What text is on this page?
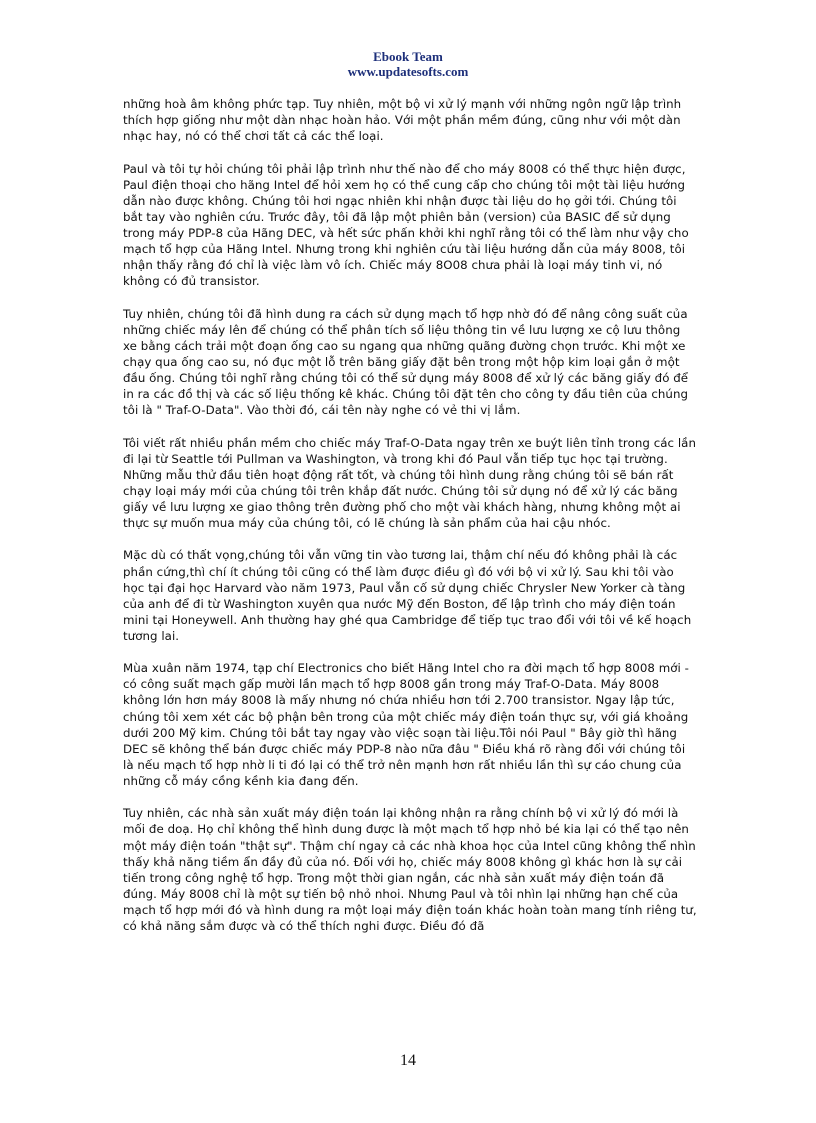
Ebook Team
www.updatesofts.com

những hoà âm không phức tạp. Tuy nhiên, một bộ vi xử lý mạnh với những ngôn ngữ lập trình thích hợp giống như một dàn nhạc hoàn hảo. Với một phần mềm đúng, cũng như với một dàn nhạc hay, nó có thể chơi tất cả các thể loại.

Paul và tôi tự hỏi chúng tôi phải lập trình như thế nào để cho máy 8008 có thể thực hiện được, Paul điện thoại cho hãng Intel để hỏi xem họ có thể cung cấp cho chúng tôi một tài liệu hướng dẫn nào được không. Chúng tôi hơi ngạc nhiên khi nhận được tài liệu do họ gởi tới. Chúng tôi bắt tay vào nghiên cứu. Trước đây, tôi đã lập một phiên bản (version) của BASIC để sử dụng trong máy PDP-8 của Hãng DEC, và hết sức phấn khởi khi nghĩ rằng tôi có thể làm như vậy cho mạch tổ hợp của Hãng Intel. Nhưng trong khi nghiên cứu tài liệu hướng dẫn của máy 8008, tôi nhận thấy rằng đó chỉ là việc làm vô ích. Chiếc máy 8O08 chưa phải là loại máy tinh vi, nó không có đủ transistor.

Tuy nhiên, chúng tôi đã hình dung ra cách sử dụng mạch tổ hợp nhờ đó để nâng công suất của những chiếc máy lên để chúng có thể phân tích số liệu thông tin về lưu lượng xe cộ lưu thông xe bằng cách trải một đoạn ống cao su ngang qua những quãng đường chọn trước. Khi một xe chạy qua ống cao su, nó đục một lỗ trên băng giấy đặt bên trong một hộp kim loại gắn ở một đầu ống. Chúng tôi nghĩ rằng chúng tôi có thể sử dụng máy 8008 để xử lý các băng giấy đó để in ra các đồ thị và các số liệu thống kê khác. Chúng tôi đặt tên cho công ty đầu tiên của chúng tôi là " Traf-O-Data". Vào thời đó, cái tên này nghe có vẻ thi vị lắm.

Tôi viết rất nhiều phần mềm cho chiếc máy Traf-O-Data ngay trên xe buýt liên tỉnh trong các lần đi lại từ Seattle tới Pullman va Washington, và trong khi đó Paul vẫn tiếp tục học tại trường. Những mẫu thử đầu tiên hoạt động rất tốt, và chúng tôi hình dung rằng chúng tôi sẽ bán rất chạy loại máy mới của chúng tôi trên khắp đất nước. Chúng tôi sử dụng nó để xử lý các băng giấy về lưu lượng xe giao thông trên đường phố cho một vài khách hàng, nhưng không một ai thực sự muốn mua máy của chúng tôi, có lẽ chúng là sản phẩm của hai cậu nhóc.

Mặc dù có thất vọng,chúng tôi vẫn vững tin vào tương lai, thậm chí nếu đó không phải là các phần cứng,thì chí ít chúng tôi cũng có thể làm được điều gì đó với bộ vi xử lý. Sau khi tôi vào học tại đại học Harvard vào năm 1973, Paul vẫn cố sử dụng chiếc Chrysler New Yorker cà tàng của anh để đi từ Washington xuyên qua nước Mỹ đến Boston, để lập trình cho máy điện toán mini tại Honeywell. Anh thường hay ghé qua Cambridge để tiếp tục trao đổi với tôi về kế hoạch tương lai.

Mùa xuân năm 1974, tạp chí Electronics cho biết Hãng Intel cho ra đời mạch tổ hợp 8008 mới - có công suất mạch gấp mười lần mạch tổ hợp 8008 gần trong máy Traf-O-Data. Máy 8008 không lớn hơn máy 8008 là mấy nhưng nó chứa nhiều hơn tới 2.700 transistor. Ngay lập tức, chúng tôi xem xét các bộ phận bên trong của một chiếc máy điện toán thực sự, với giá khoảng dưới 200 Mỹ kim. Chúng tôi bắt tay ngay vào việc soạn tài liệu.Tôi nói Paul " Bây giờ thì hãng DEC sẽ không thể bán được chiếc máy PDP-8 nào nữa đâu " Điều khá rõ ràng đối với chúng tôi là nếu mạch tổ hợp nhờ li ti đó lại có thể trở nên mạnh hơn rất nhiều lần thì sự cáo chung của những cỗ máy cồng kềnh kia đang đến.

Tuy nhiên, các nhà sản xuất máy điện toán lại không nhận ra rằng chính bộ vi xử lý đó mới là mối đe doạ. Họ chỉ không thể hình dung được là một mạch tổ hợp nhỏ bé kia lại có thể tạo nên một máy điện toán "thật sự". Thậm chí ngay cả các nhà khoa học của Intel cũng không thể nhìn thấy khả năng tiềm ẩn đầy đủ của nó. Đối với họ, chiếc máy 8008 không gì khác hơn là sự cải tiến trong công nghệ tổ hợp. Trong một thời gian ngắn, các nhà sản xuất máy điện toán đã đúng. Máy 8008 chỉ là một sự tiến bộ nhỏ nhoi. Nhưng Paul và tôi nhìn lại những hạn chế của mạch tổ hợp mới đó và hình dung ra một loại máy điện toán khác hoàn toàn mang tính riêng tư, có khả năng sắm được và có thể thích nghi được. Điều đó đã

14
